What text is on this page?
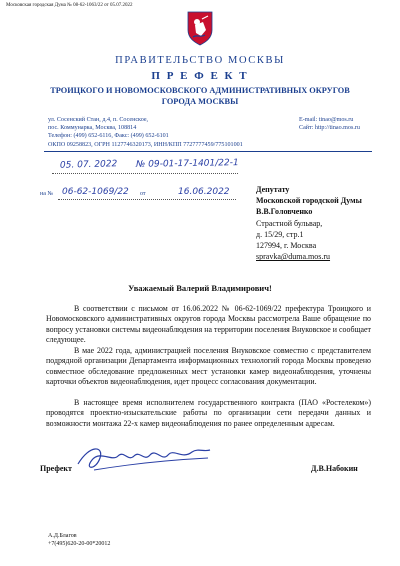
Московская городская Дума № 08-62-1063/22 от 05.07.2022
ПРАВИТЕЛЬСТВО МОСКВЫ
П Р Е Ф Е К Т
ТРОИЦКОГО И НОВОМОСКОВСКОГО АДМИНИСТРАТИВНЫХ ОКРУГОВ
ГОРОДА МОСКВЫ
ул. Сосенский Стан, д.4, п. Сосенское,
пос. Коммунарка, Москва, 108814
Телефон: (499) 652-6116, Факс: (499) 652-6101
ОКПО 09258823, ОГРН 1127746320173, ИНН/КПП 7727777459/775101001
E-mail: tinao@mos.ru
Сайт: http://tinao.mos.ru
05. 07. 2022 № 09-01-17-1401/22-1
на № 06-62-1069/22 от	16.06.2022	Депутату
Московской городской Думы
В.В.Головченко
Страстной бульвар,
д. 15/29, стр.1
127994, г. Москва
spravka@duma.mos.ru
Уважаемый Валерий Владимирович!
В соответствии с письмом от 16.06.2022 № 06-62-1069/22 префектура Троицкого и Новомосковского административных округов города Москвы рассмотрела Ваше обращение по вопросу установки системы видеонаблюдения на территории поселения Внуковское и сообщает следующее.
В мае 2022 года, администрацией поселения Внуковское совместно с представителем подрядной организации Департамента информационных технологий города Москвы проведено совместное обследование предложенных мест установки камер видеонаблюдения, уточнены карточки объектов видеонаблюдения, идет процесс согласования документации.
В настоящее время исполнителем государственного контракта (ПАО «Ростелеком») проводятся проектно-изыскательские работы по организации сети передачи данных и возможности монтажа 22-х камер видеонаблюдения по ранее определенным адресам.
Префект	Д.В.Набокин
А.Д.Благов
+7(495)620-20-00*20012
